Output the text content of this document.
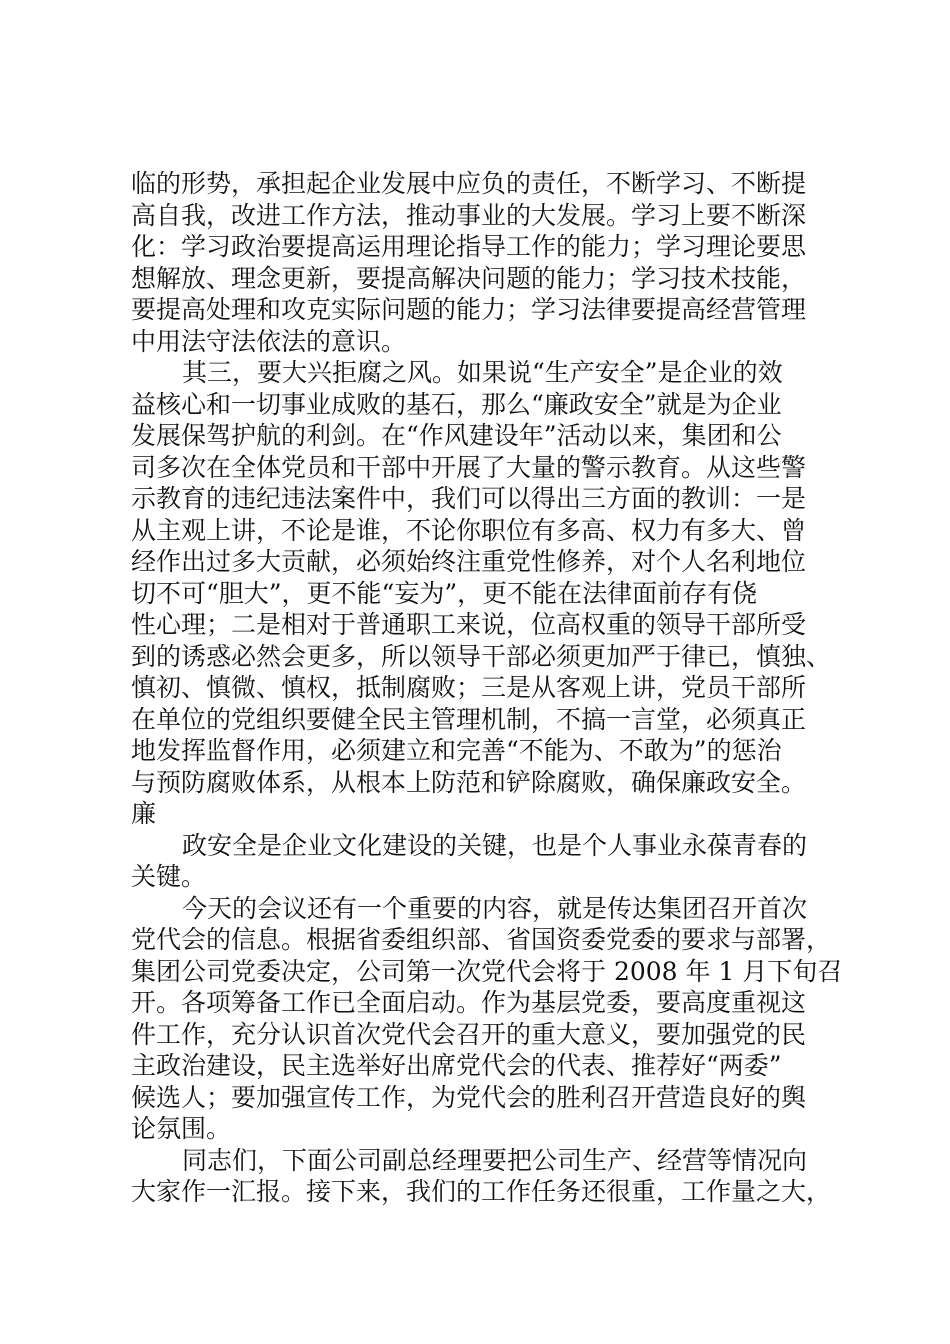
临的形势，承担起企业发展中应负的责任，不断学习、不断提
高自我，改进工作方法，推动事业的大发展。学习上要不断深
化：学习政治要提高运用理论指导工作的能力；学习理论要思
想解放、理念更新，要提高解决问题的能力；学习技术技能，
要提高处理和攻克实际问题的能力；学习法律要提高经营管理
中用法守法依法的意识。
其三，要大兴拒腐之风。如果说“生产安全”是企业的效
益核心和一切事业成败的基石，那么“廉政安全”就是为企业
发展保驾护航的利剑。在“作风建设年”活动以来，集团和公
司多次在全体党员和干部中开展了大量的警示教育。从这些警
示教育的违纪违法案件中，我们可以得出三方面的教训：一是
从主观上讲，不论是谁，不论你职位有多高、权力有多大、曾
经作出过多大贡献，必须始终注重党性修养，对个人名利地位
切不可“胆大”，更不能“妄为”，更不能在法律面前存有侥
性心理；二是相对于普通职工来说，位高权重的领导干部所受
到的诱惑必然会更多，所以领导干部必须更加严于律已，慎独、
慎初、慎微、慎权，抵制腐败；三是从客观上讲，党员干部所
在单位的党组织要健全民主管理机制，不搞一言堂，必须真正
地发挥监督作用，必须建立和完善“不能为、不敢为”的惩治
与预防腐败体系，从根本上防范和铲除腐败，确保廉政安全。
廉
政安全是企业文化建设的关键，也是个人事业永葆青春的
关键。
今天的会议还有一个重要的内容，就是传达集团召开首次
党代会的信息。根据省委组织部、省国资委党委的要求与部署，
集团公司党委决定，公司第一次党代会将于 2008 年 1 月下旬召
开。各项筹备工作已全面启动。作为基层党委，要高度重视这
件工作，充分认识首次党代会召开的重大意义，要加强党的民
主政治建设，民主选举好出席党代会的代表、推荐好“两委”
候选人；要加强宣传工作，为党代会的胜利召开营造良好的舆
论氛围。
同志们，下面公司副总经理要把公司生产、经营等情况向
大家作一汇报。接下来，我们的工作任务还很重，工作量之大，
